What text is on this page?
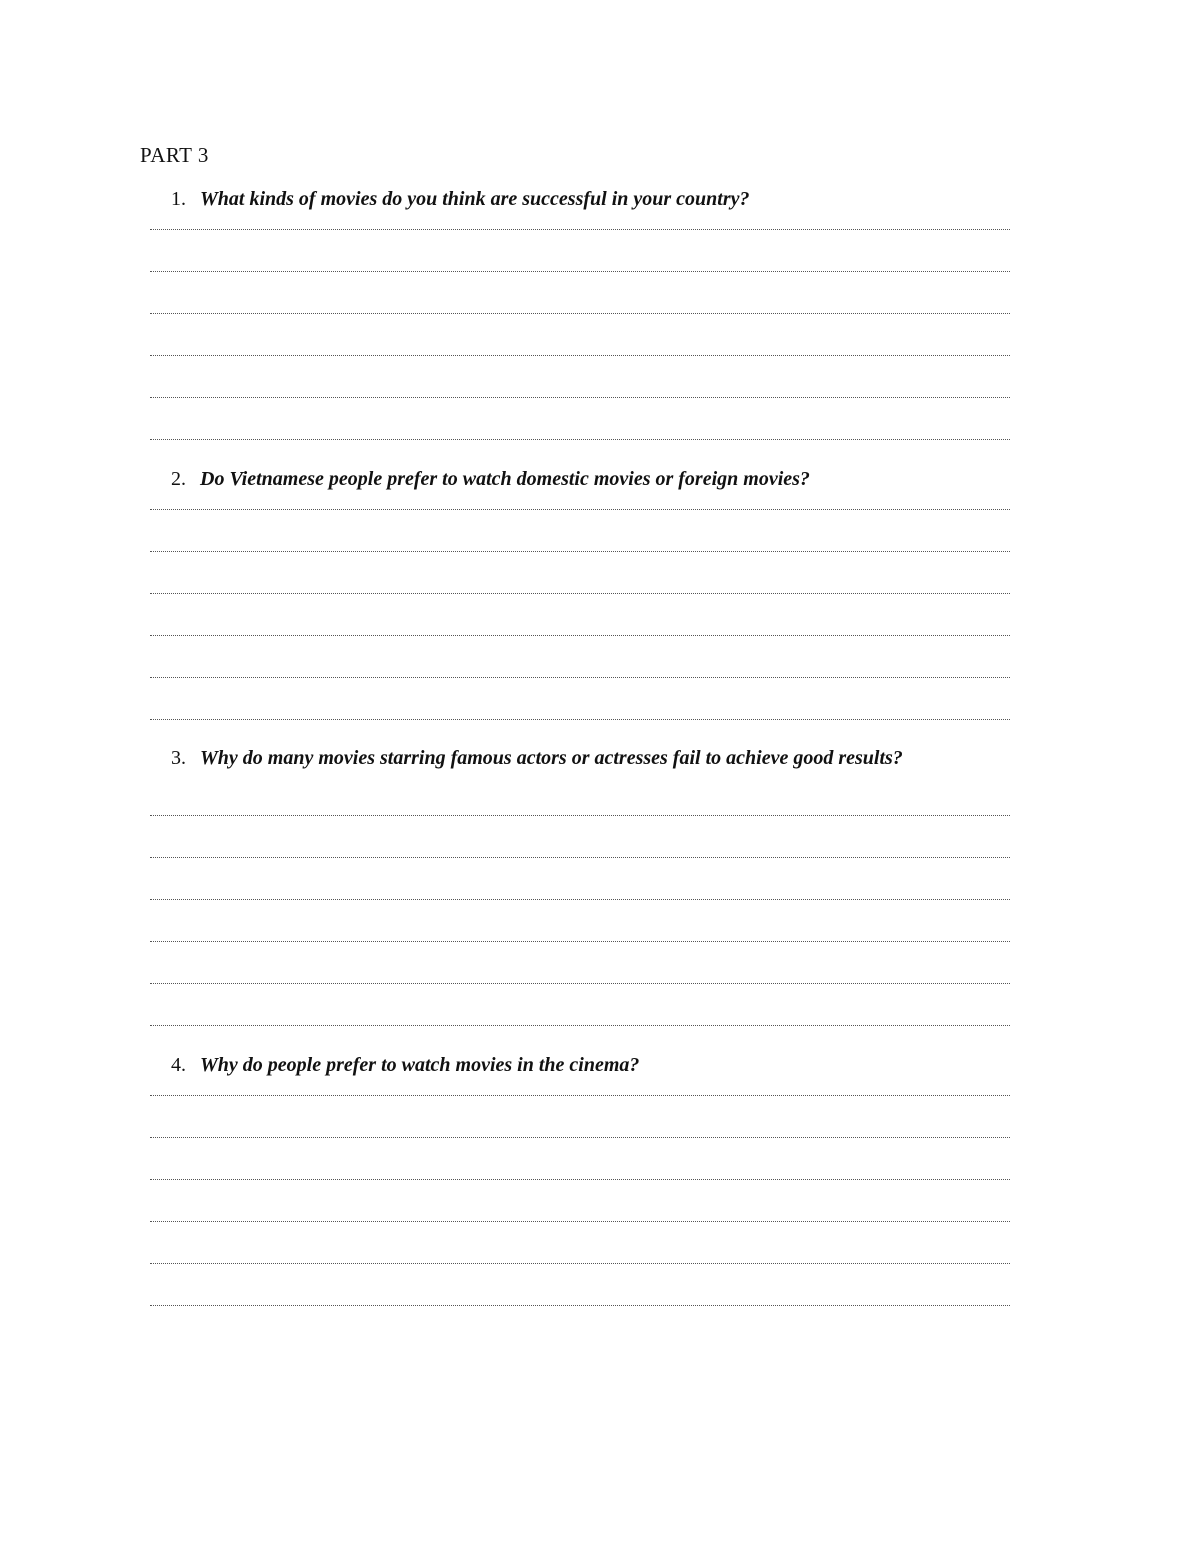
PART 3
1. What kinds of movies do you think are successful in your country?
2. Do Vietnamese people prefer to watch domestic movies or foreign movies?
3. Why do many movies starring famous actors or actresses fail to achieve good results?
4. Why do people prefer to watch movies in the cinema?
